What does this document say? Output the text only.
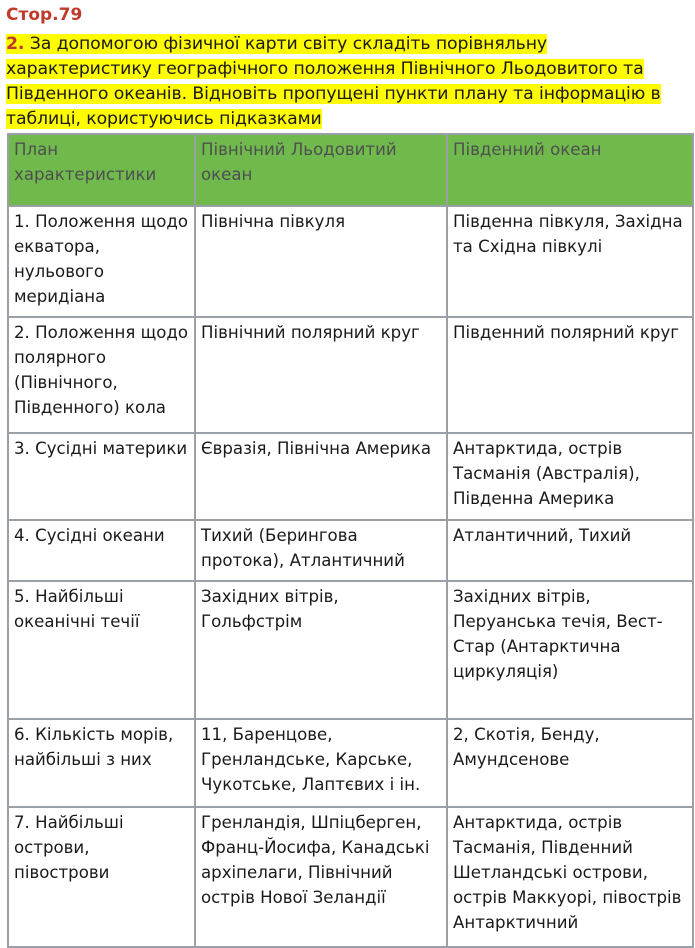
Стор.79

2. За допомогою фізичної карти світу складіть порівняльну характеристику географічного положення Північного Льодовитого та Південного океанів. Відновіть пропущені пункти плану та інформацію в таблиці, користуючись підказками

План характеристики	Північний Льодовитий океан	Південний океан
1. Положення щодо екватора, нульового меридіана	Північна півкуля	Південна півкуля, Західна та Східна півкулі
2. Положення щодо полярного (Північного, Південного) кола	Північний полярний круг	Південний полярний круг
3. Сусідні материки	Євразія, Північна Америка	Антарктида, острів Тасманія (Австралія), Південна Америка
4. Сусідні океани	Тихий (Берингова протока), Атлантичний	Атлантичний, Тихий
5. Найбільші океанічні течії	Західних вітрів, Гольфстрім	Західних вітрів, Перуанська течія, Вест-Стар (Антарктична циркуляція)
6. Кількість морів, найбільші з них	11, Баренцове, Гренландське, Карське, Чукотське, Лаптєвих і ін.	2, Скотія, Бенду, Амундсенове
7. Найбільші острови, півострови	Гренландія, Шпіцберген, Франц-Йосифа, Канадські архіпелаги, Північний острів Нової Зеландії	Антарктида, острів Тасманія, Південний Шетландські острови, острів Маккуорі, півострів Антарктичний
